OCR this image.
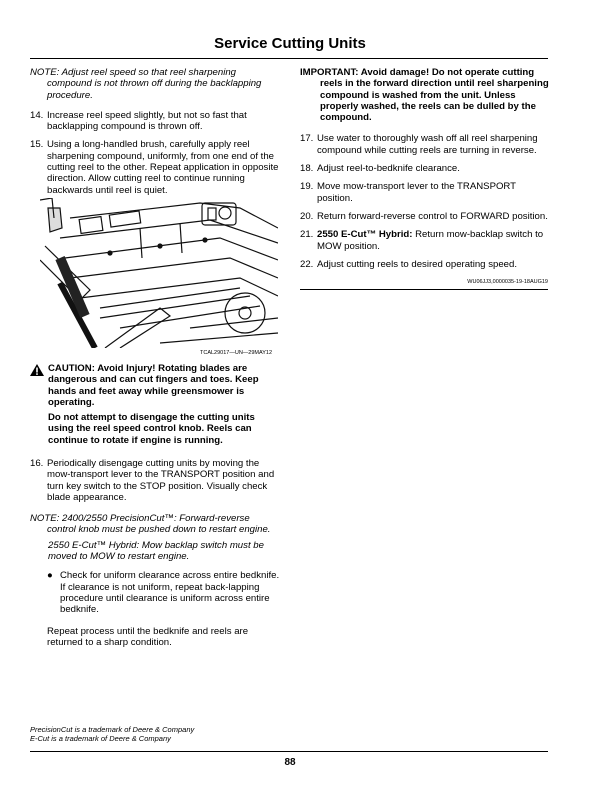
Service Cutting Units
NOTE: Adjust reel speed so that reel sharpening compound is not thrown off during the backlapping procedure.
14. Increase reel speed slightly, but not so fast that backlapping compound is thrown off.
15. Using a long-handled brush, carefully apply reel sharpening compound, uniformly, from one end of the cutting reel to the other. Repeat application in opposite direction. Allow cutting reel to continue running backwards until reel is quiet.
TCAL29017—UN—29MAY12

CAUTION: Avoid Injury! Rotating blades are dangerous and can cut fingers and toes. Keep hands and feet away while greensmower is operating.

Do not attempt to disengage the cutting units using the reel speed control knob. Reels can continue to rotate if engine is running.

16. Periodically disengage cutting units by moving the mow-transport lever to the TRANSPORT position and turn key switch to the STOP position. Visually check blade appearance.
NOTE: 2400/2550 PrecisionCut™: Forward-reverse control knob must be pushed down to restart engine.
2550 E-Cut™ Hybrid: Mow backlap switch must be moved to MOW to restart engine.
● Check for uniform clearance across entire bedknife. If clearance is not uniform, repeat back-lapping procedure until clearance is uniform across entire bedknife.
Repeat process until the bedknife and reels are returned to a sharp condition.
IMPORTANT: Avoid damage! Do not operate cutting reels in the forward direction until reel sharpening compound is washed from the unit. Unless properly washed, the reels can be dulled by the compound.
17. Use water to thoroughly wash off all reel sharpening compound while cutting reels are turning in reverse.
18. Adjust reel-to-bedknife clearance.
19. Move mow-transport lever to the TRANSPORT position.
20. Return forward-reverse control to FORWARD position.
21. 2550 E-Cut™ Hybrid: Return mow-backlap switch to MOW position.
22. Adjust cutting reels to desired operating speed.
WU06JJ3,0000035-19-18AUG19
PrecisionCut is a trademark of Deere & Company
E-Cut is a trademark of Deere & Company
88
